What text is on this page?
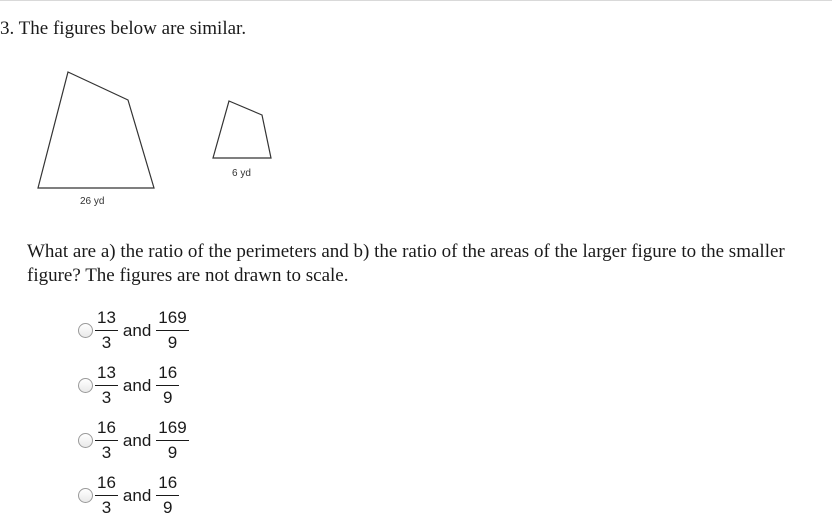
3. The figures below are similar.
26 yd
6 yd
What are a) the ratio of the perimeters and b) the ratio of the areas of the larger figure to the smaller figure? The figures are not drawn to scale.
$\frac{13}{3}$ and $\frac{169}{9}$
$\frac{13}{3}$ and $\frac{16}{9}$
$\frac{16}{3}$ and $\frac{169}{9}$
$\frac{16}{3}$ and $\frac{16}{9}$
